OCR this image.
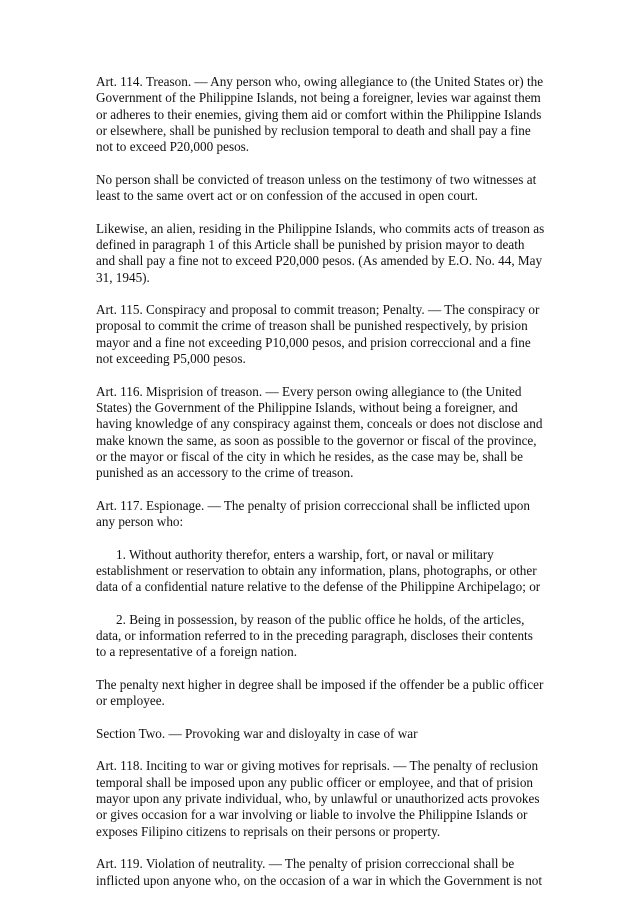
Art. 114. Treason. — Any person who, owing allegiance to (the United States or) the Government of the Philippine Islands, not being a foreigner, levies war against them or adheres to their enemies, giving them aid or comfort within the Philippine Islands or elsewhere, shall be punished by reclusion temporal to death and shall pay a fine not to exceed P20,000 pesos.

No person shall be convicted of treason unless on the testimony of two witnesses at least to the same overt act or on confession of the accused in open court.

Likewise, an alien, residing in the Philippine Islands, who commits acts of treason as defined in paragraph 1 of this Article shall be punished by prision mayor to death and shall pay a fine not to exceed P20,000 pesos. (As amended by E.O. No. 44, May 31, 1945).

Art. 115. Conspiracy and proposal to commit treason; Penalty. — The conspiracy or proposal to commit the crime of treason shall be punished respectively, by prision mayor and a fine not exceeding P10,000 pesos, and prision correccional and a fine not exceeding P5,000 pesos.

Art. 116. Misprision of treason. — Every person owing allegiance to (the United States) the Government of the Philippine Islands, without being a foreigner, and having knowledge of any conspiracy against them, conceals or does not disclose and make known the same, as soon as possible to the governor or fiscal of the province, or the mayor or fiscal of the city in which he resides, as the case may be, shall be punished as an accessory to the crime of treason.

Art. 117. Espionage. — The penalty of prision correccional shall be inflicted upon any person who:

1. Without authority therefor, enters a warship, fort, or naval or military establishment or reservation to obtain any information, plans, photographs, or other data of a confidential nature relative to the defense of the Philippine Archipelago; or

2. Being in possession, by reason of the public office he holds, of the articles, data, or information referred to in the preceding paragraph, discloses their contents to a representative of a foreign nation.

The penalty next higher in degree shall be imposed if the offender be a public officer or employee.

Section Two. — Provoking war and disloyalty in case of war

Art. 118. Inciting to war or giving motives for reprisals. — The penalty of reclusion temporal shall be imposed upon any public officer or employee, and that of prision mayor upon any private individual, who, by unlawful or unauthorized acts provokes or gives occasion for a war involving or liable to involve the Philippine Islands or exposes Filipino citizens to reprisals on their persons or property.

Art. 119. Violation of neutrality. — The penalty of prision correccional shall be inflicted upon anyone who, on the occasion of a war in which the Government is not
